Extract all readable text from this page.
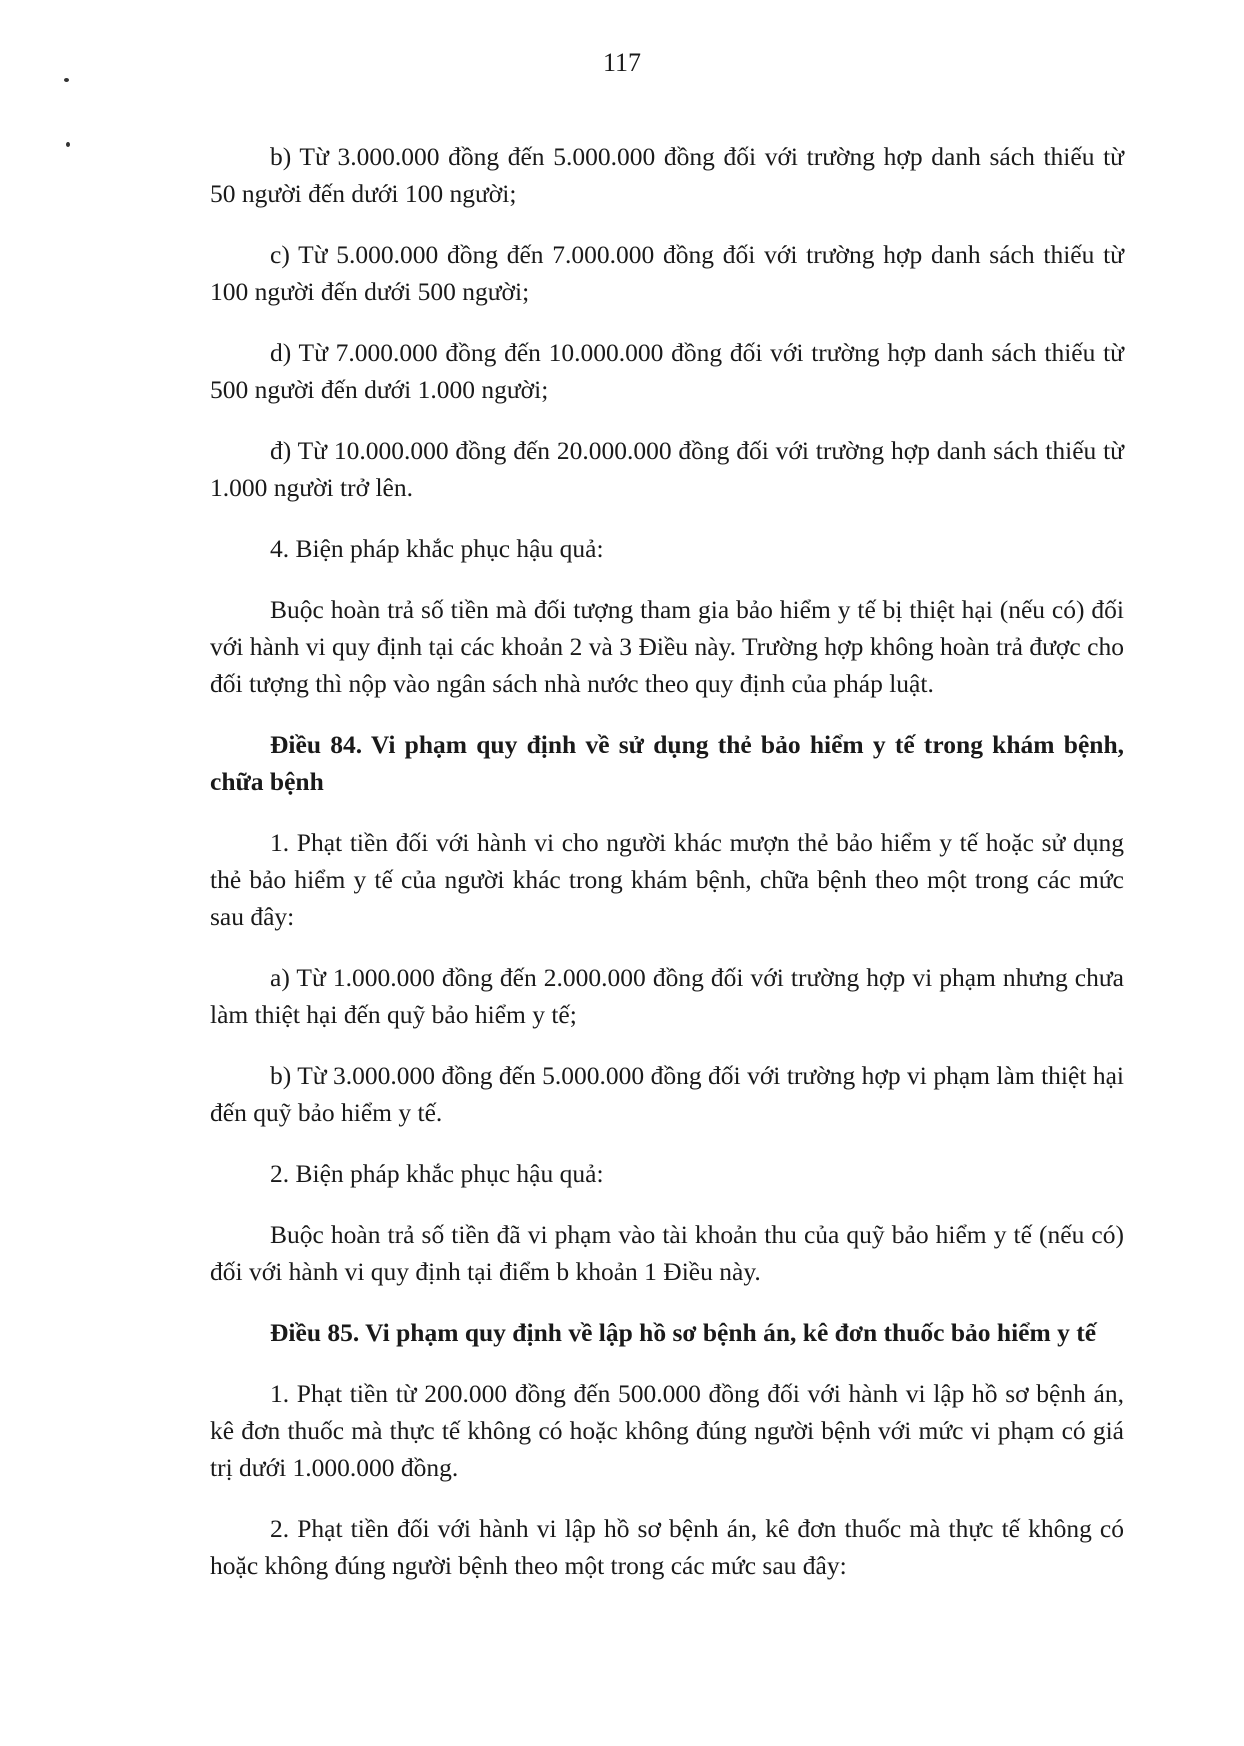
117

b) Từ 3.000.000 đồng đến 5.000.000 đồng đối với trường hợp danh sách thiếu từ 50 người đến dưới 100 người;

c) Từ 5.000.000 đồng đến 7.000.000 đồng đối với trường hợp danh sách thiếu từ 100 người đến dưới 500 người;

d) Từ 7.000.000 đồng đến 10.000.000 đồng đối với trường hợp danh sách thiếu từ 500 người đến dưới 1.000 người;

đ) Từ 10.000.000 đồng đến 20.000.000 đồng đối với trường hợp danh sách thiếu từ 1.000 người trở lên.

4. Biện pháp khắc phục hậu quả:

Buộc hoàn trả số tiền mà đối tượng tham gia bảo hiểm y tế bị thiệt hại (nếu có) đối với hành vi quy định tại các khoản 2 và 3 Điều này. Trường hợp không hoàn trả được cho đối tượng thì nộp vào ngân sách nhà nước theo quy định của pháp luật.

Điều 84. Vi phạm quy định về sử dụng thẻ bảo hiểm y tế trong khám bệnh, chữa bệnh

1. Phạt tiền đối với hành vi cho người khác mượn thẻ bảo hiểm y tế hoặc sử dụng thẻ bảo hiểm y tế của người khác trong khám bệnh, chữa bệnh theo một trong các mức sau đây:

a) Từ 1.000.000 đồng đến 2.000.000 đồng đối với trường hợp vi phạm nhưng chưa làm thiệt hại đến quỹ bảo hiểm y tế;

b) Từ 3.000.000 đồng đến 5.000.000 đồng đối với trường hợp vi phạm làm thiệt hại đến quỹ bảo hiểm y tế.

2. Biện pháp khắc phục hậu quả:

Buộc hoàn trả số tiền đã vi phạm vào tài khoản thu của quỹ bảo hiểm y tế (nếu có) đối với hành vi quy định tại điểm b khoản 1 Điều này.

Điều 85. Vi phạm quy định về lập hồ sơ bệnh án, kê đơn thuốc bảo hiểm y tế

1. Phạt tiền từ 200.000 đồng đến 500.000 đồng đối với hành vi lập hồ sơ bệnh án, kê đơn thuốc mà thực tế không có hoặc không đúng người bệnh với mức vi phạm có giá trị dưới 1.000.000 đồng.

2. Phạt tiền đối với hành vi lập hồ sơ bệnh án, kê đơn thuốc mà thực tế không có hoặc không đúng người bệnh theo một trong các mức sau đây:
